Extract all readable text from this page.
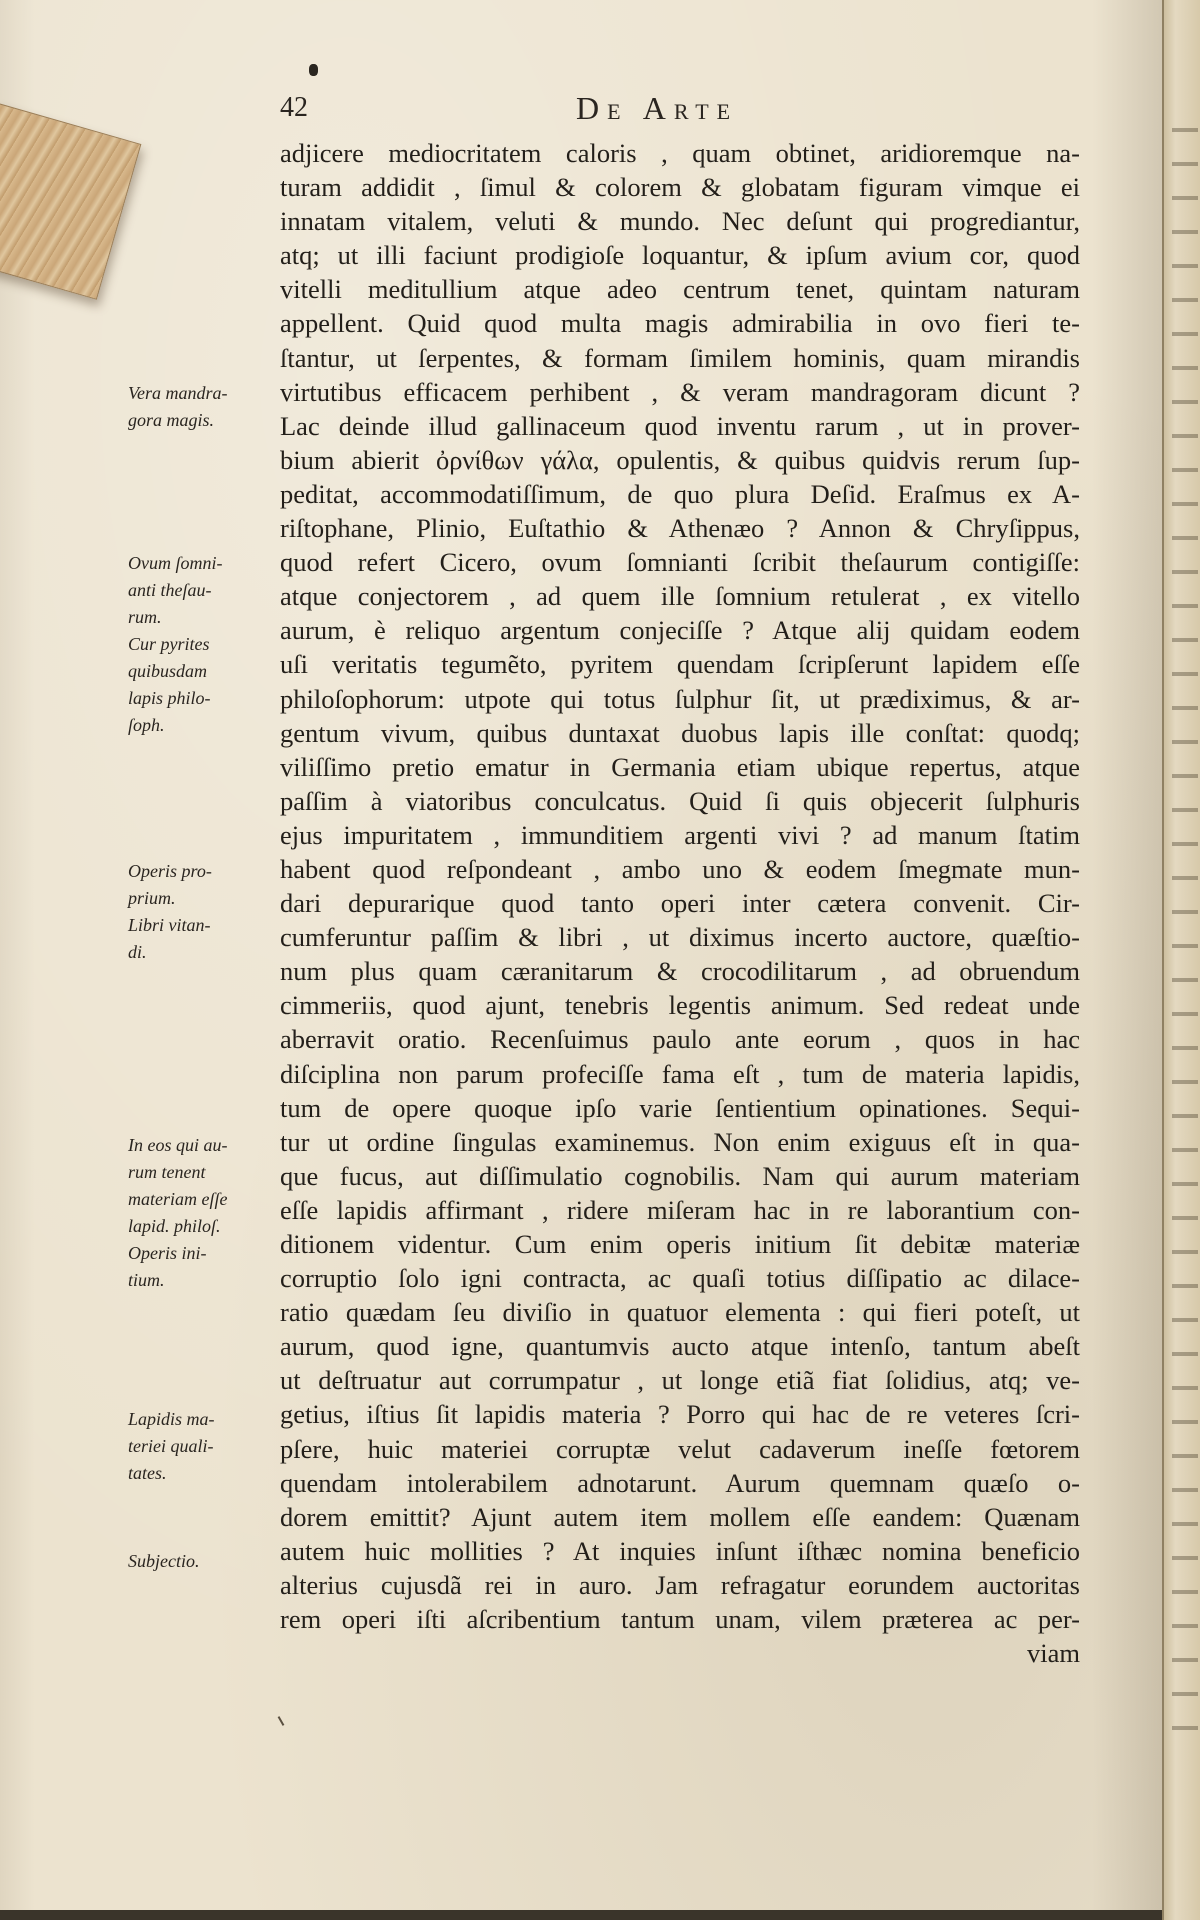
42	De Arte
adjicere mediocritatem caloris , quam obtinet, aridioremque na-
turam addidit , ſimul & colorem & globatam figuram vimque ei
innatam vitalem, veluti & mundo. Nec deſunt qui progrediantur,
atq; ut illi faciunt prodigioſe loquantur, & ipſum avium cor, quod
vitelli meditullium atque adeo centrum tenet, quintam naturam
appellent. Quid quod multa magis admirabilia in ovo fieri te-
ſtantur, ut ſerpentes, & formam ſimilem hominis, quam mirandis
virtutibus efficacem perhibent , & veram mandragoram dicunt ?
Lac deinde illud gallinaceum quod inventu rarum , ut in prover-
bium abierit ὀρνίθων γάλα, opulentis, & quibus quidvis rerum ſup-
peditat, accommodatiſſimum, de quo plura Deſid. Eraſmus ex A-
riſtophane, Plinio, Euſtathio & Athenæo ? Annon & Chryſippus,
quod refert Cicero, ovum ſomnianti ſcribit theſaurum contigiſſe:
atque conjectorem , ad quem ille ſomnium retulerat , ex vitello
aurum, è reliquo argentum conjeciſſe ? Atque alij quidam eodem
uſi veritatis tegumẽto, pyritem quendam ſcripſerunt lapidem eſſe
philoſophorum: utpote qui totus ſulphur ſit, ut prædiximus, & ar-
gentum vivum, quibus duntaxat duobus lapis ille conſtat: quodq;
viliſſimo pretio ematur in Germania etiam ubique repertus, atque
paſſim à viatoribus conculcatus. Quid ſi quis objecerit ſulphuris
ejus impuritatem , immunditiem argenti vivi ? ad manum ſtatim
habent quod reſpondeant , ambo uno & eodem ſmegmate mun-
dari depurarique quod tanto operi inter cætera convenit. Cir-
cumferuntur paſſim & libri , ut diximus incerto auctore, quæſtio-
num plus quam cæranitarum & crocodilitarum , ad obruendum
cimmeriis, quod ajunt, tenebris legentis animum. Sed redeat unde
aberravit oratio. Recenſuimus paulo ante eorum , quos in hac
diſciplina non parum profeciſſe fama eſt , tum de materia lapidis,
tum de opere quoque ipſo varie ſentientium opinationes. Sequi-
tur ut ordine ſingulas examinemus. Non enim exiguus eſt in qua-
que fucus, aut diſſimulatio cognobilis. Nam qui aurum materiam
eſſe lapidis affirmant , ridere miſeram hac in re laborantium con-
ditionem videntur. Cum enim operis initium ſit debitæ materiæ
corruptio ſolo igni contracta, ac quaſi totius diſſipatio ac dilace-
ratio quædam ſeu diviſio in quatuor elementa : qui fieri poteſt, ut
aurum, quod igne, quantumvis aucto atque intenſo, tantum abeſt
ut deſtruatur aut corrumpatur , ut longe etiã fiat ſolidius, atq; ve-
getius, iſtius ſit lapidis materia ? Porro qui hac de re veteres ſcri-
pſere, huic materiei corruptæ velut cadaverum ineſſe fœtorem
quendam intolerabilem adnotarunt. Aurum quemnam quæſo o-
dorem emittit? Ajunt autem item mollem eſſe eandem: Quænam
autem huic mollities ? At inquies inſunt iſthæc nomina beneficio
alterius cujusdã rei in auro. Jam refragatur eorundem auctoritas
rem operi iſti aſcribentium tantum unam, vilem præterea ac per-
viam
Vera mandra-
gora magis.
Ovum ſomni-
anti theſau-
rum.
Cur pyrites
quibusdam
lapis philo-
ſoph.
Operis pro-
prium.
Libri vitan-
di.
In eos qui au-
rum tenent
materiam eſſe
lapid. philoſ.
Operis ini-
tium.
Lapidis ma-
teriei quali-
tates.
Subjectio.
